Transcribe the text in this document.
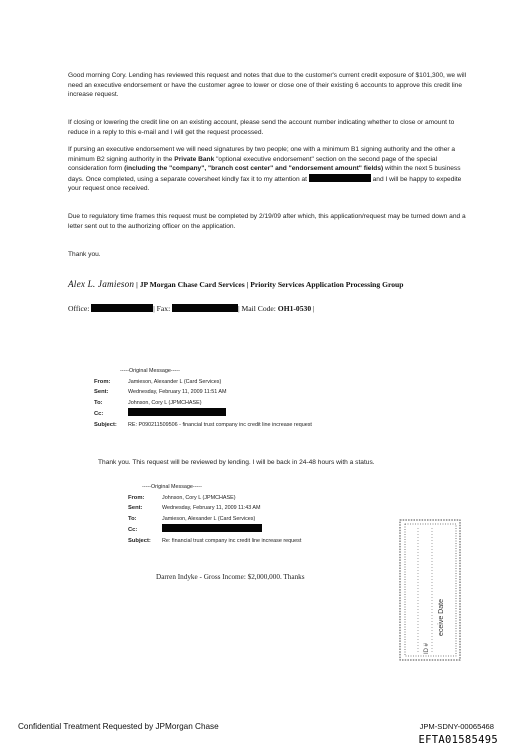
Good morning Cory. Lending has reviewed this request and notes that due to the customer's current credit exposure of $101,300, we will need an executive endorsement or have the customer agree to lower or close one of their existing 6 accounts to approve this credit line increase request.
If closing or lowering the credit line on an existing account, please send the account number indicating whether to close or amount to reduce in a reply to this e-mail and I will get the request processed.
If pursing an executive endorsement we will need signatures by two people; one with a minimum B1 signing authority and the other a minimum B2 signing authority in the Private Bank "optional executive endorsement" section on the second page of the special consideration form (including the "company", "branch cost center" and "endorsement amount" fields) within the next 5 business days. Once completed, using a separate coversheet kindly fax it to my attention at	and I will be happy to expedite your request once received.
Due to regulatory time frames this request must be completed by 2/19/09 after which, this application/request may be turned down and a letter sent out to the authorizing officer on the application.
Thank you.
Alex L. Jamieson | JP Morgan Chase Card Services | Priority Services Application Processing Group
Office:	| Fax:	| Mail Code: OH1-0530 |
-----Original Message-----
From:	Jamieson, Alexander L (Card Services)
Sent:	Wednesday, February 11, 2009 11:51 AM
To:	Johnson, Cory L (JPMCHASE)
Cc:
Subject: RE: P090211509506 - financial trust company inc credit line increase request
Thank you. This request will be reviewed by lending. I will be back in 24-48 hours with a status.
-----Original Message-----
From:	Johnson, Cory L (JPMCHASE)
Sent:	Wednesday, February 11, 2009 11:43 AM
To:	Jamieson, Alexander L (Card Services)
Cc:
Subject: Re: financial trust company inc credit line increase request
Darren Indyke - Gross Income: $2,000,000. Thanks
eceive Date
ID #
Confidential Treatment Requested by JPMorgan Chase	JPM-SDNY-00065468
EFTA01585495
